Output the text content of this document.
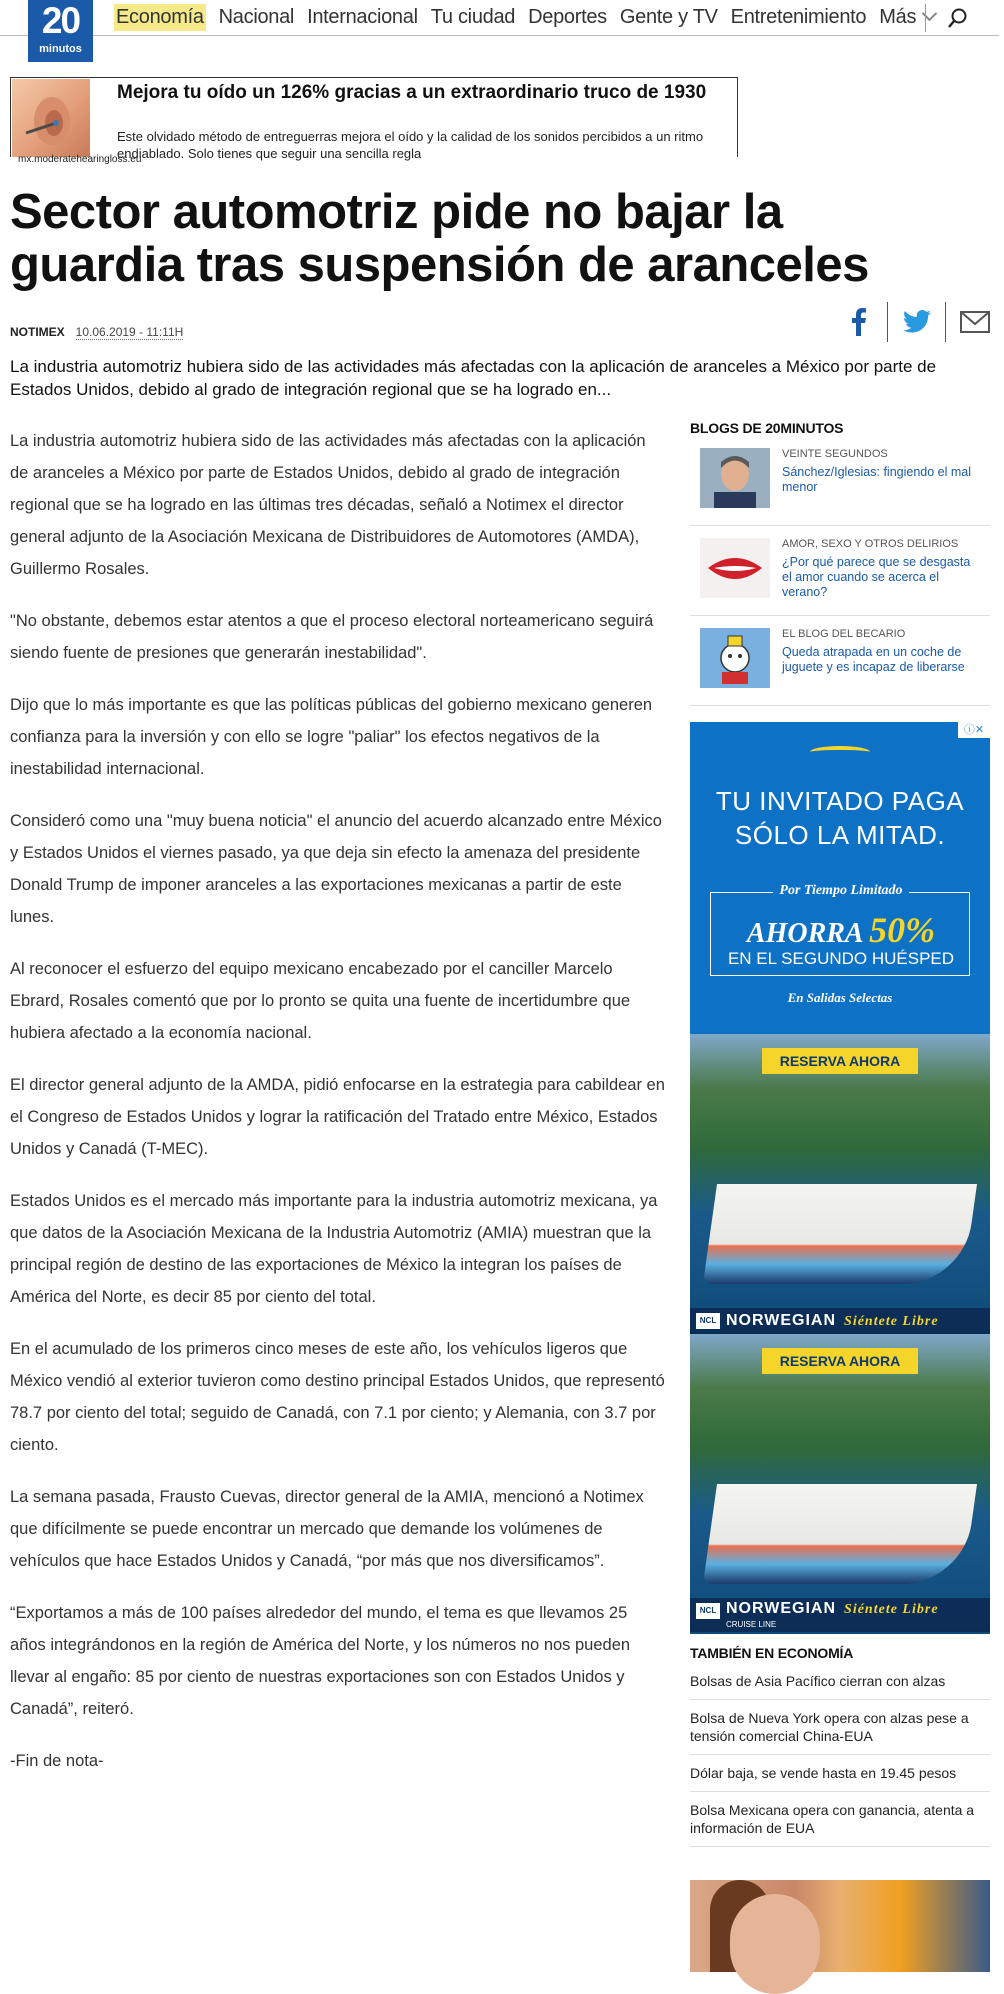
20
minutos
Economía Nacional Internacional Tu ciudad Deportes Gente y TV Entretenimiento Más
Mejora tu oído un 126% gracias a un extraordinario truco de 1930
Este olvidado método de entreguerras mejora el oído y la calidad de los sonidos percibidos a un ritmo endiablado. Solo tienes que seguir una sencilla regla
mx.moderatehearingloss.eu
Sector automotriz pide no bajar la guardia tras suspensión de aranceles
NOTIMEX 10.06.2019 - 11:11H
La industria automotriz hubiera sido de las actividades más afectadas con la aplicación de aranceles a México por parte de Estados Unidos, debido al grado de integración regional que se ha logrado en...

La industria automotriz hubiera sido de las actividades más afectadas con la aplicación de aranceles a México por parte de Estados Unidos, debido al grado de integración regional que se ha logrado en las últimas tres décadas, señaló a Notimex el director general adjunto de la Asociación Mexicana de Distribuidores de Automotores (AMDA), Guillermo Rosales.

"No obstante, debemos estar atentos a que el proceso electoral norteamericano seguirá siendo fuente de presiones que generarán inestabilidad".

Dijo que lo más importante es que las políticas públicas del gobierno mexicano generen confianza para la inversión y con ello se logre "paliar" los efectos negativos de la inestabilidad internacional.

Consideró como una "muy buena noticia" el anuncio del acuerdo alcanzado entre México y Estados Unidos el viernes pasado, ya que deja sin efecto la amenaza del presidente Donald Trump de imponer aranceles a las exportaciones mexicanas a partir de este lunes.

Al reconocer el esfuerzo del equipo mexicano encabezado por el canciller Marcelo Ebrard, Rosales comentó que por lo pronto se quita una fuente de incertidumbre que hubiera afectado a la economía nacional.

El director general adjunto de la AMDA, pidió enfocarse en la estrategia para cabildear en el Congreso de Estados Unidos y lograr la ratificación del Tratado entre México, Estados Unidos y Canadá (T-MEC).

Estados Unidos es el mercado más importante para la industria automotriz mexicana, ya que datos de la Asociación Mexicana de la Industria Automotriz (AMIA) muestran que la principal región de destino de las exportaciones de México la integran los países de América del Norte, es decir 85 por ciento del total.

En el acumulado de los primeros cinco meses de este año, los vehículos ligeros que México vendió al exterior tuvieron como destino principal Estados Unidos, que representó 78.7 por ciento del total; seguido de Canadá, con 7.1 por ciento; y Alemania, con 3.7 por ciento.

La semana pasada, Frausto Cuevas, director general de la AMIA, mencionó a Notimex que difícilmente se puede encontrar un mercado que demande los volúmenes de vehículos que hace Estados Unidos y Canadá, “por más que nos diversificamos”.

“Exportamos a más de 100 países alrededor del mundo, el tema es que llevamos 25 años integrándonos en la región de América del Norte, y los números no nos pueden llevar al engaño: 85 por ciento de nuestras exportaciones son con Estados Unidos y Canadá”, reiteró.

-Fin de nota-

BLOGS DE 20MINUTOS
VEINTE SEGUNDOS
Sánchez/Iglesias: fingiendo el mal menor
AMOR, SEXO Y OTROS DELIRIOS
¿Por qué parece que se desgasta el amor cuando se acerca el verano?
EL BLOG DEL BECARIO
Queda atrapada en un coche de juguete y es incapaz de liberarse
TU INVITADO PAGA
SÓLO LA MITAD.
Por Tiempo Limitado
AHORRA 50%
EN EL SEGUNDO HUÉSPED
En Salidas Selectas
RESERVA AHORA
NCL NORWEGIAN Siéntete Libre
RESERVA AHORA
NCL NORWEGIAN Siéntete Libre
CRUISE LINE
ⓘ✕
TAMBIÉN EN ECONOMÍA
Bolsas de Asia Pacífico cierran con alzas
Bolsa de Nueva York opera con alzas pese a tensión comercial China-EUA
Dólar baja, se vende hasta en 19.45 pesos
Bolsa Mexicana opera con ganancia, atenta a información de EUA
